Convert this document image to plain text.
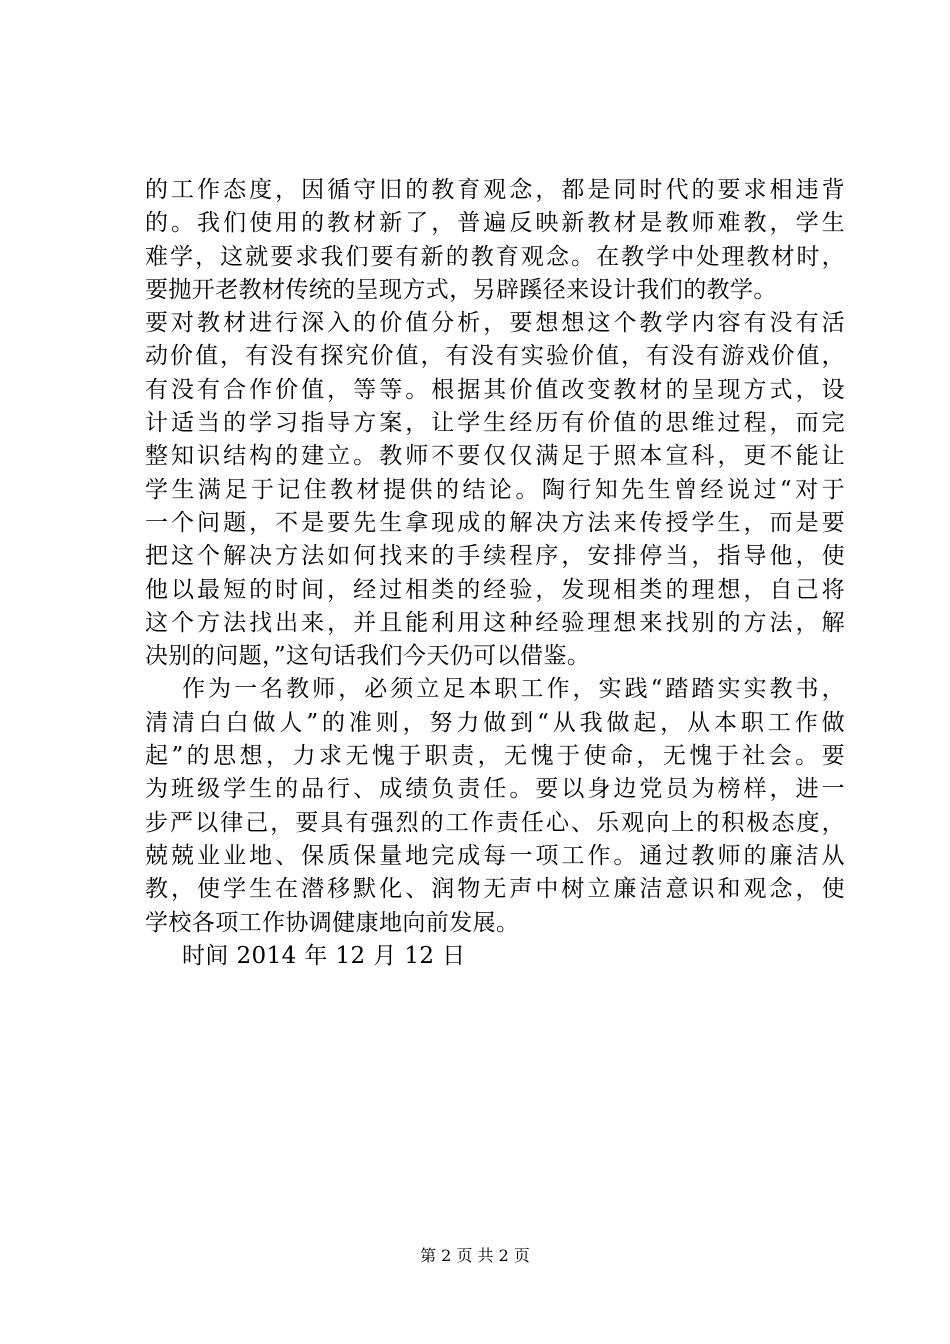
的工作态度，因循守旧的教育观念，都是同时代的要求相违背
的。我们使用的教材新了，普遍反映新教材是教师难教，学生
难学，这就要求我们要有新的教育观念。在教学中处理教材时，
要抛开老教材传统的呈现方式，另辟蹊径来设计我们的教学。
要对教材进行深入的价值分析，要想想这个教学内容有没有活
动价值，有没有探究价值，有没有实验价值，有没有游戏价值，
有没有合作价值，等等。根据其价值改变教材的呈现方式，设
计适当的学习指导方案，让学生经历有价值的思维过程，而完
整知识结构的建立。教师不要仅仅满足于照本宣科，更不能让
学生满足于记住教材提供的结论。陶行知先生曾经说过“对于
一个问题，不是要先生拿现成的解决方法来传授学生，而是要
把这个解决方法如何找来的手续程序，安排停当，指导他，使
他以最短的时间，经过相类的经验，发现相类的理想，自己将
这个方法找出来，并且能利用这种经验理想来找别的方法，解
决别的问题，”这句话我们今天仍可以借鉴。
作为一名教师，必须立足本职工作，实践“踏踏实实教书，
清清白白做人”的准则，努力做到“从我做起，从本职工作做
起”的思想，力求无愧于职责，无愧于使命，无愧于社会。要
为班级学生的品行、成绩负责任。要以身边党员为榜样，进一
步严以律己，要具有强烈的工作责任心、乐观向上的积极态度，
兢兢业业地、保质保量地完成每一项工作。通过教师的廉洁从
教，使学生在潜移默化、润物无声中树立廉洁意识和观念，使
学校各项工作协调健康地向前发展。
时间 2014 年 12 月 12 日
第 2 页 共 2 页
